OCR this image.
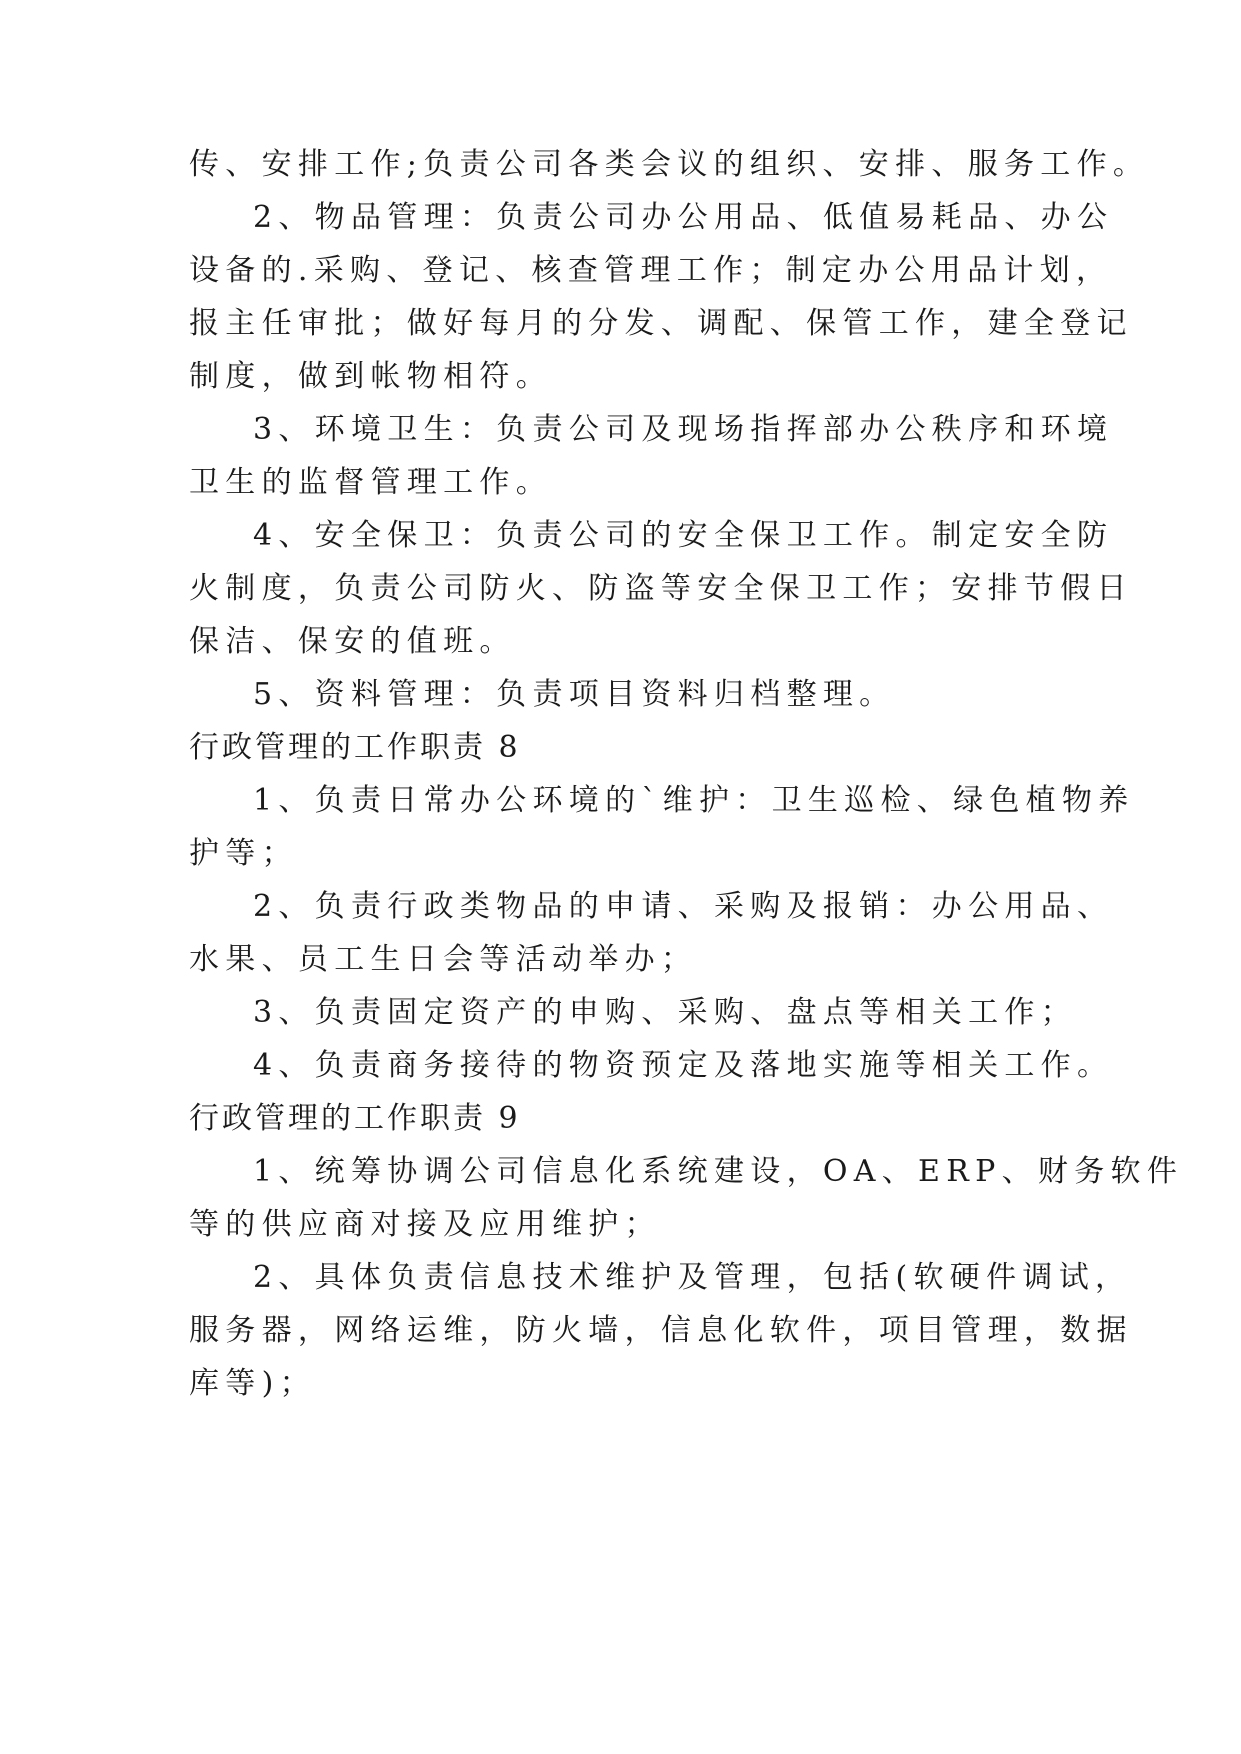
传、安排工作;负责公司各类会议的组织、安排、服务工作。
2、物品管理：负责公司办公用品、低值易耗品、办公
设备的.采购、登记、核查管理工作；制定办公用品计划，
报主任审批；做好每月的分发、调配、保管工作，建全登记
制度，做到帐物相符。
3、环境卫生：负责公司及现场指挥部办公秩序和环境
卫生的监督管理工作。
4、安全保卫：负责公司的安全保卫工作。制定安全防
火制度，负责公司防火、防盗等安全保卫工作；安排节假日
保洁、保安的值班。
5、资料管理：负责项目资料归档整理。
行政管理的工作职责 8
1、负责日常办公环境的`维护：卫生巡检、绿色植物养
护等；
2、负责行政类物品的申请、采购及报销：办公用品、
水果、员工生日会等活动举办；
3、负责固定资产的申购、采购、盘点等相关工作；
4、负责商务接待的物资预定及落地实施等相关工作。
行政管理的工作职责 9
1、统筹协调公司信息化系统建设，OA、ERP、财务软件
等的供应商对接及应用维护；
2、具体负责信息技术维护及管理，包括(软硬件调试，
服务器，网络运维，防火墙，信息化软件，项目管理，数据
库等)；
